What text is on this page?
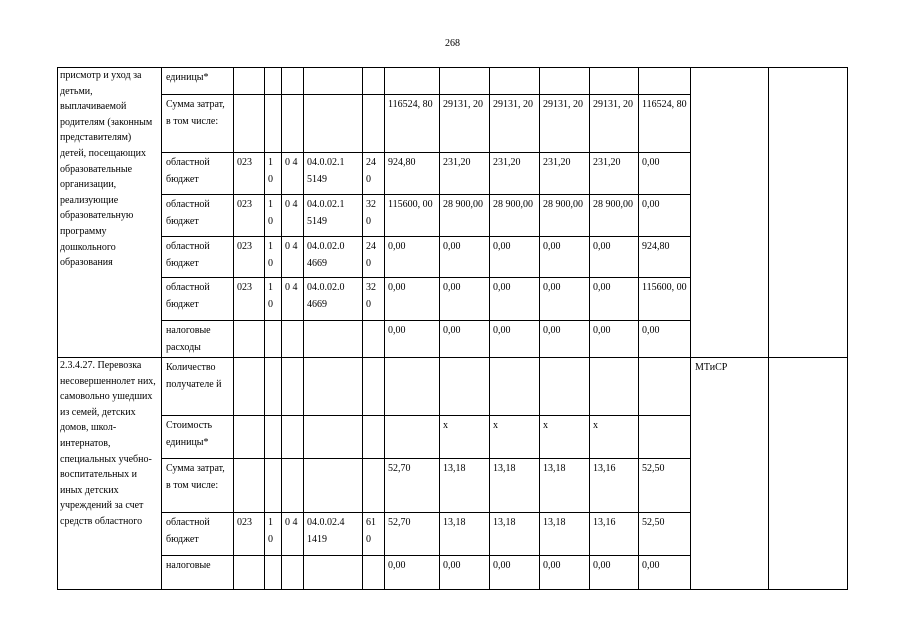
268
присмотр и уход за детьми, выплачиваемой родителям (законным представителям) детей, посещающих образовательные организации, реализующие образовательную программу дошкольного образования	единицы*													
	Сумма затрат, в том числе:						116524, 80	29131, 20	29131, 20	29131, 20	29131, 20	116524, 80		
	областной бюджет	023	1 0	0 4	04.0.02.1 5149	24 0	924,80	231,20	231,20	231,20	231,20	0,00		
	областной бюджет	023	1 0	0 4	04.0.02.1 5149	32 0	115600, 00	28 900,00	28 900,00	28 900,00	28 900,00	0,00		
	областной бюджет	023	1 0	0 4	04.0.02.0 4669	24 0	0,00	0,00	0,00	0,00	0,00	924,80		
	областной бюджет	023	1 0	0 4	04.0.02.0 4669	32 0	0,00	0,00	0,00	0,00	0,00	115600, 00		
	налоговые расходы						0,00	0,00	0,00	0,00	0,00	0,00		

2.3.4.27. Перевозка несовершеннолет них, самовольно ушедших из семей, детских домов, школ-интернатов, специальных учебно-воспитательных и иных детских учреждений за счет средств областного	Количество получателе й												МТиСР	
	Стоимость единицы*							х	х	х	х			
	Сумма затрат, в том числе:						52,70	13,18	13,18	13,18	13,16	52,50		
	областной бюджет	023	1 0	0 4	04.0.02.4 1419	61 0	52,70	13,18	13,18	13,18	13,16	52,50		
	налоговые						0,00	0,00	0,00	0,00	0,00	0,00		
